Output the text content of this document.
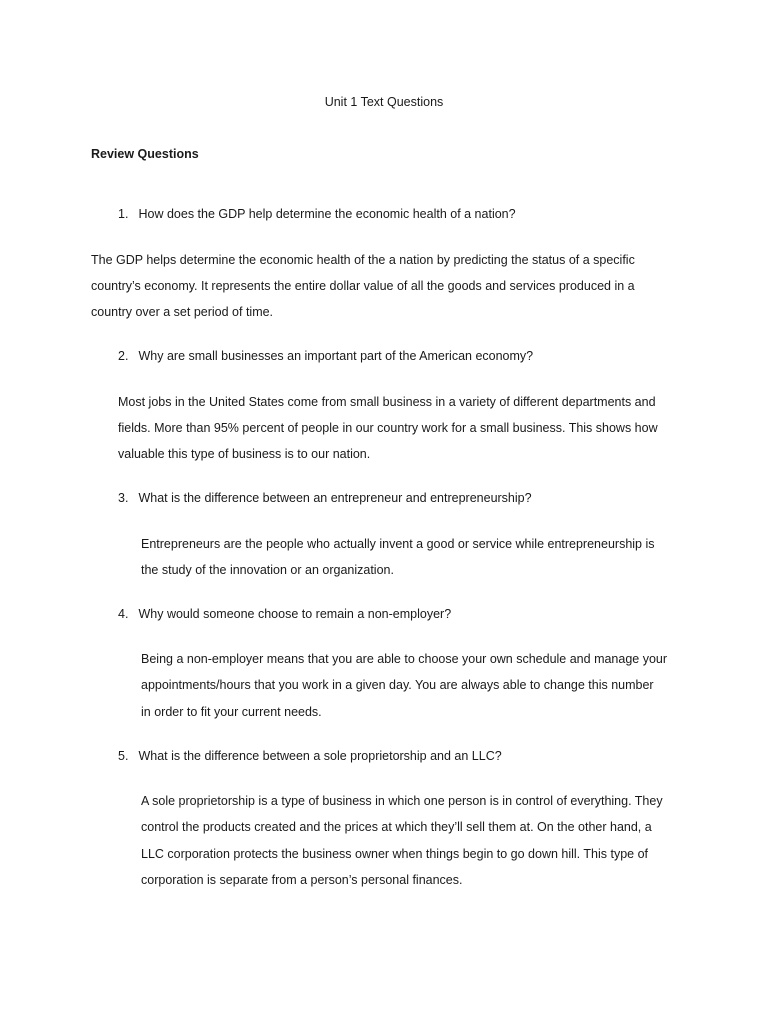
Unit 1 Text Questions
Review Questions
1. How does the GDP help determine the economic health of a nation?
The GDP helps determine the economic health of the a nation by predicting the status of a specific
country’s economy. It represents the entire dollar value of all the goods and services produced in a
country over a set period of time.
2. Why are small businesses an important part of the American economy?
Most jobs in the United States come from small business in a variety of different departments and
fields. More than 95% percent of people in our country work for a small business. This shows how
valuable this type of business is to our nation.
3. What is the difference between an entrepreneur and entrepreneurship?
Entrepreneurs are the people who actually invent a good or service while entrepreneurship is
the study of the innovation or an organization.
4. Why would someone choose to remain a non-employer?
Being a non-employer means that you are able to choose your own schedule and manage your
appointments/hours that you work in a given day. You are always able to change this number
in order to fit your current needs.
5. What is the difference between a sole proprietorship and an LLC?
A sole proprietorship is a type of business in which one person is in control of everything. They
control the products created and the prices at which they’ll sell them at. On the other hand, a
LLC corporation protects the business owner when things begin to go down hill. This type of
corporation is separate from a person’s personal finances.
